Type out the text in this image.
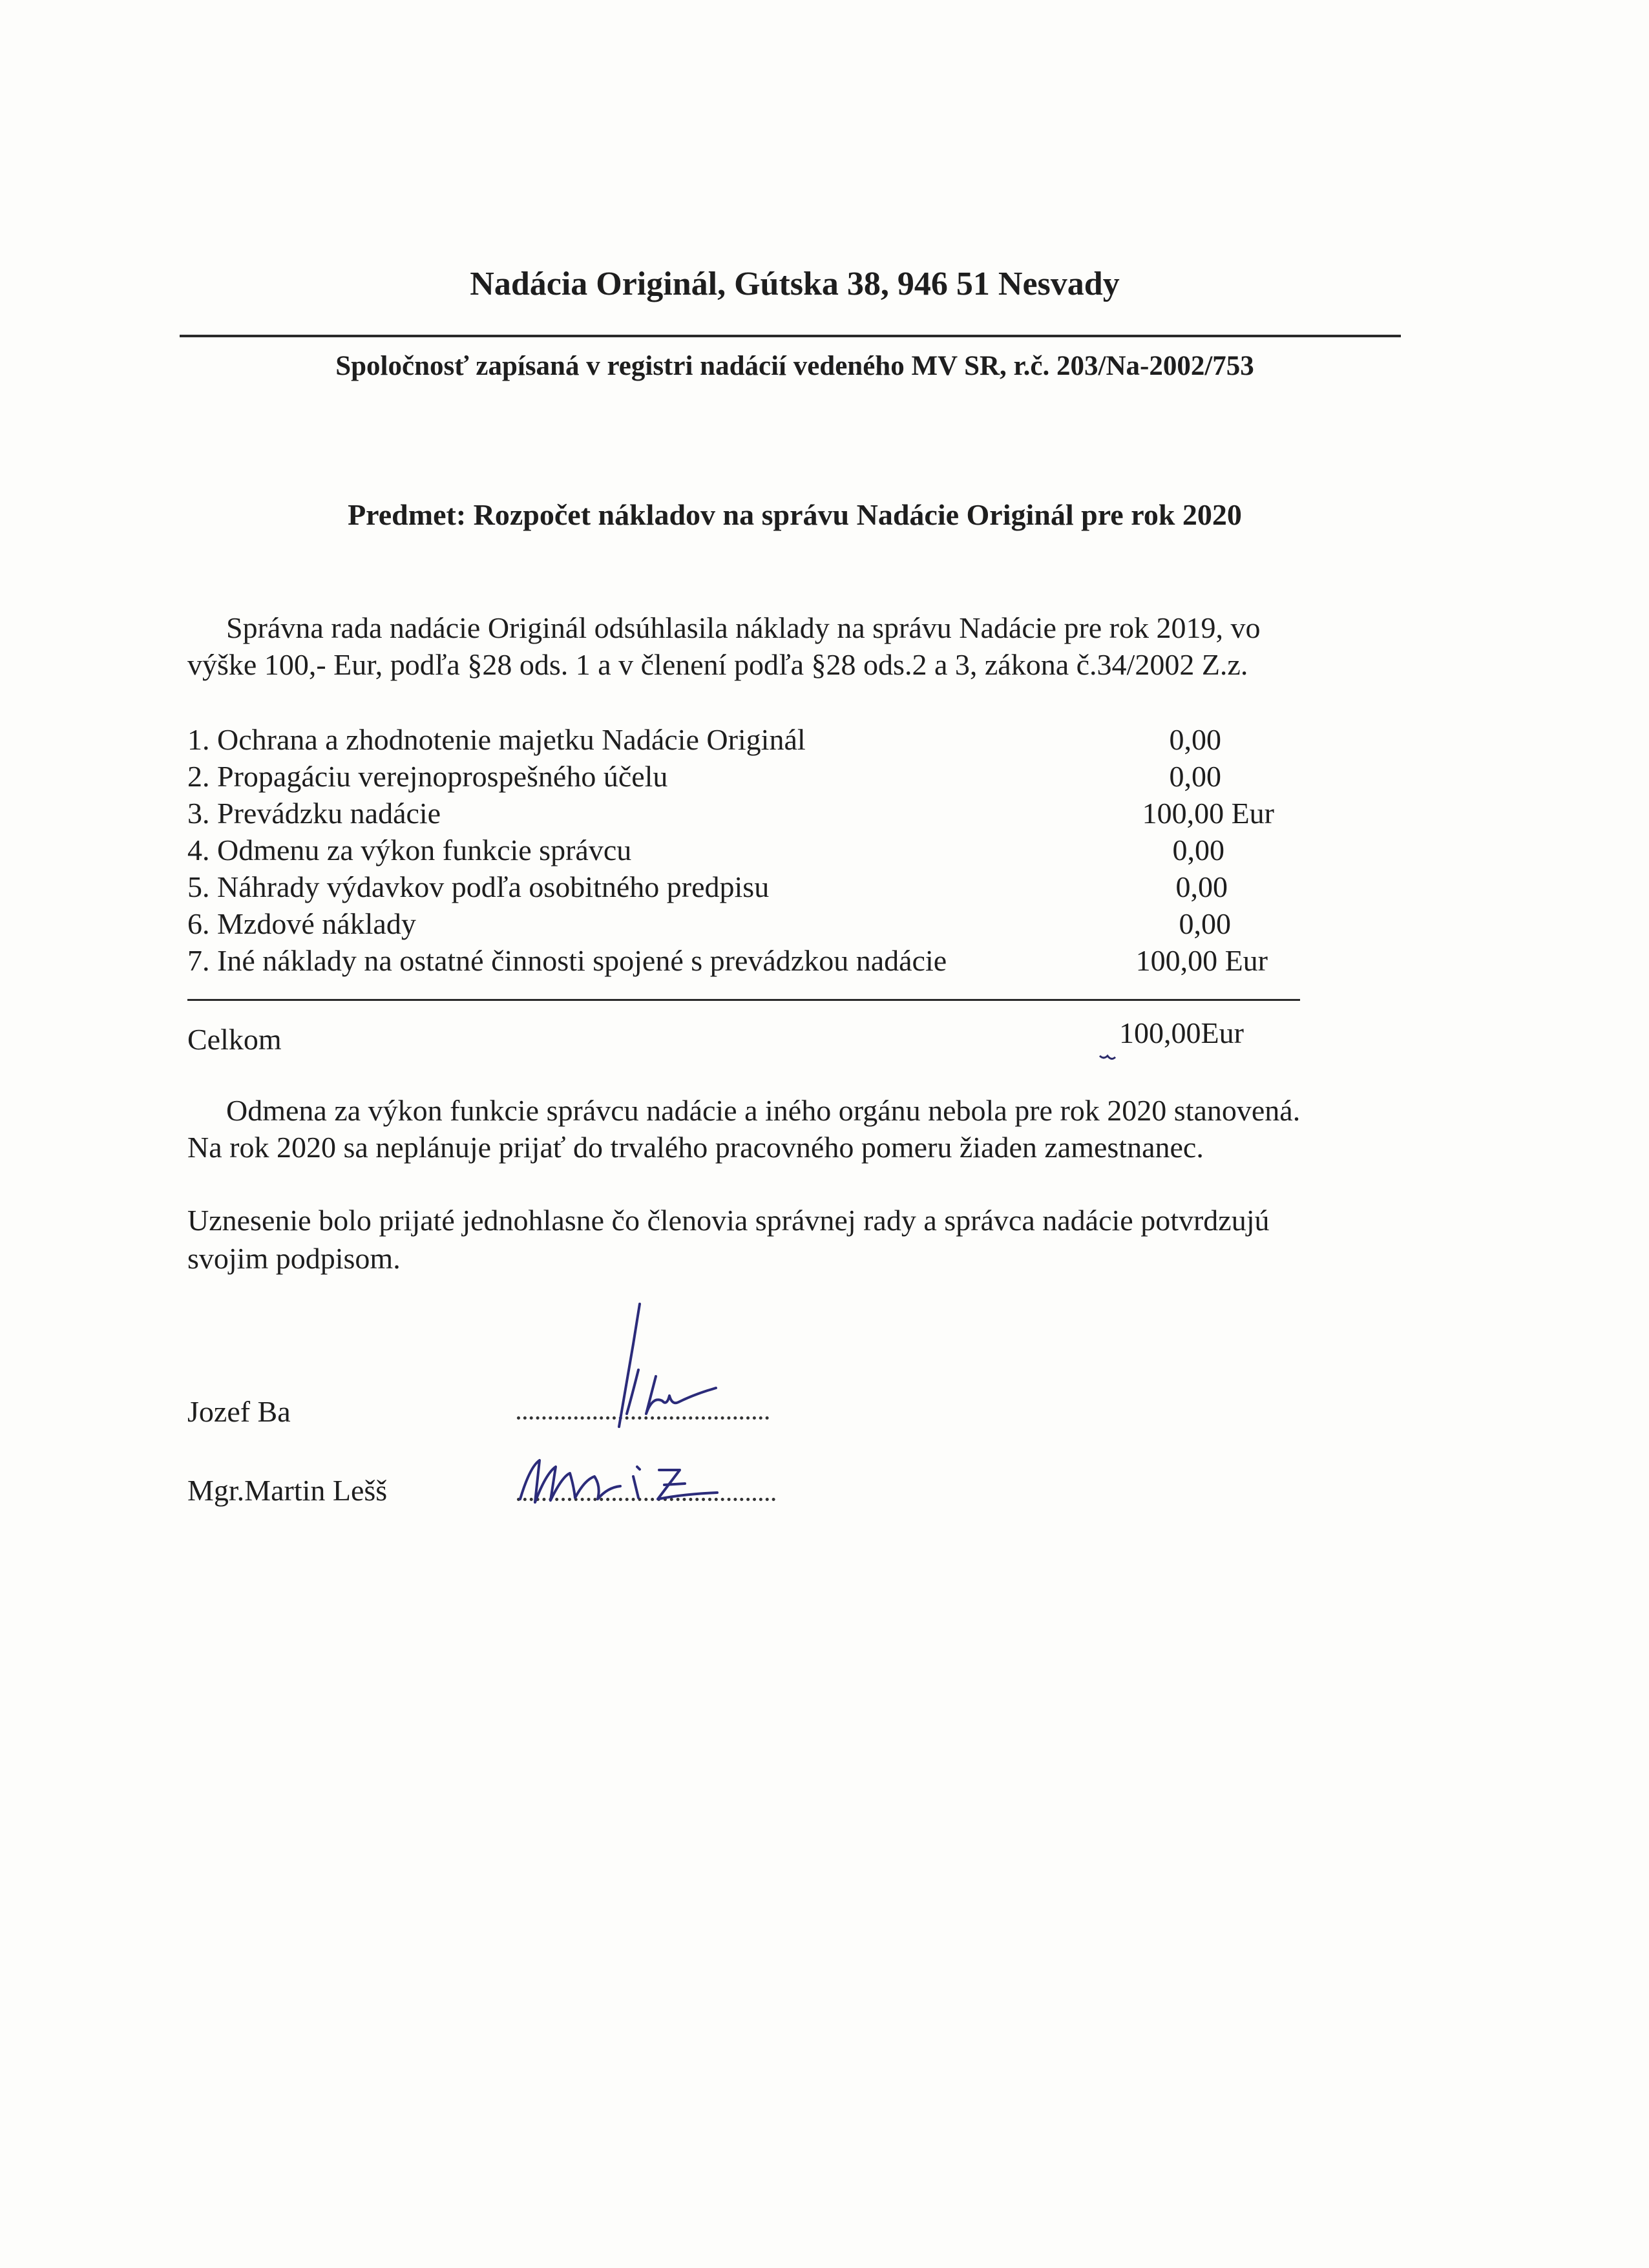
Nadácia Originál, Gútska 38, 946 51 Nesvady
Spoločnosť zapísaná v registri nadácií vedeného MV SR, r.č. 203/Na-2002/753
Predmet: Rozpočet nákladov na správu Nadácie Originál pre rok 2020
Správna rada nadácie Originál odsúhlasila náklady na správu Nadácie pre rok 2019, vo
výške 100,- Eur, podľa §28 ods. 1 a v členení podľa §28 ods.2 a 3, zákona č.34/2002 Z.z.
1. Ochrana a zhodnotenie majetku Nadácie Originál	0,00
2. Propagáciu verejnoprospešného účelu	0,00
3. Prevádzku nadácie	100,00 Eur
4. Odmenu za výkon funkcie správcu	0,00
5. Náhrady výdavkov podľa osobitného predpisu	0,00
6. Mzdové náklady	0,00
7. Iné náklady na ostatné činnosti spojené s prevádzkou nadácie	100,00 Eur
Celkom	100,00Eur
Odmena za výkon funkcie správcu nadácie a iného orgánu nebola pre rok 2020 stanovená.
Na rok 2020 sa neplánuje prijať do trvalého pracovného pomeru žiaden zamestnanec.
Uznesenie bolo prijaté jednohlasne čo členovia správnej rady a správca nadácie potvrdzujú
svojim podpisom.
Jozef Ba
Mgr.Martin Lešš
